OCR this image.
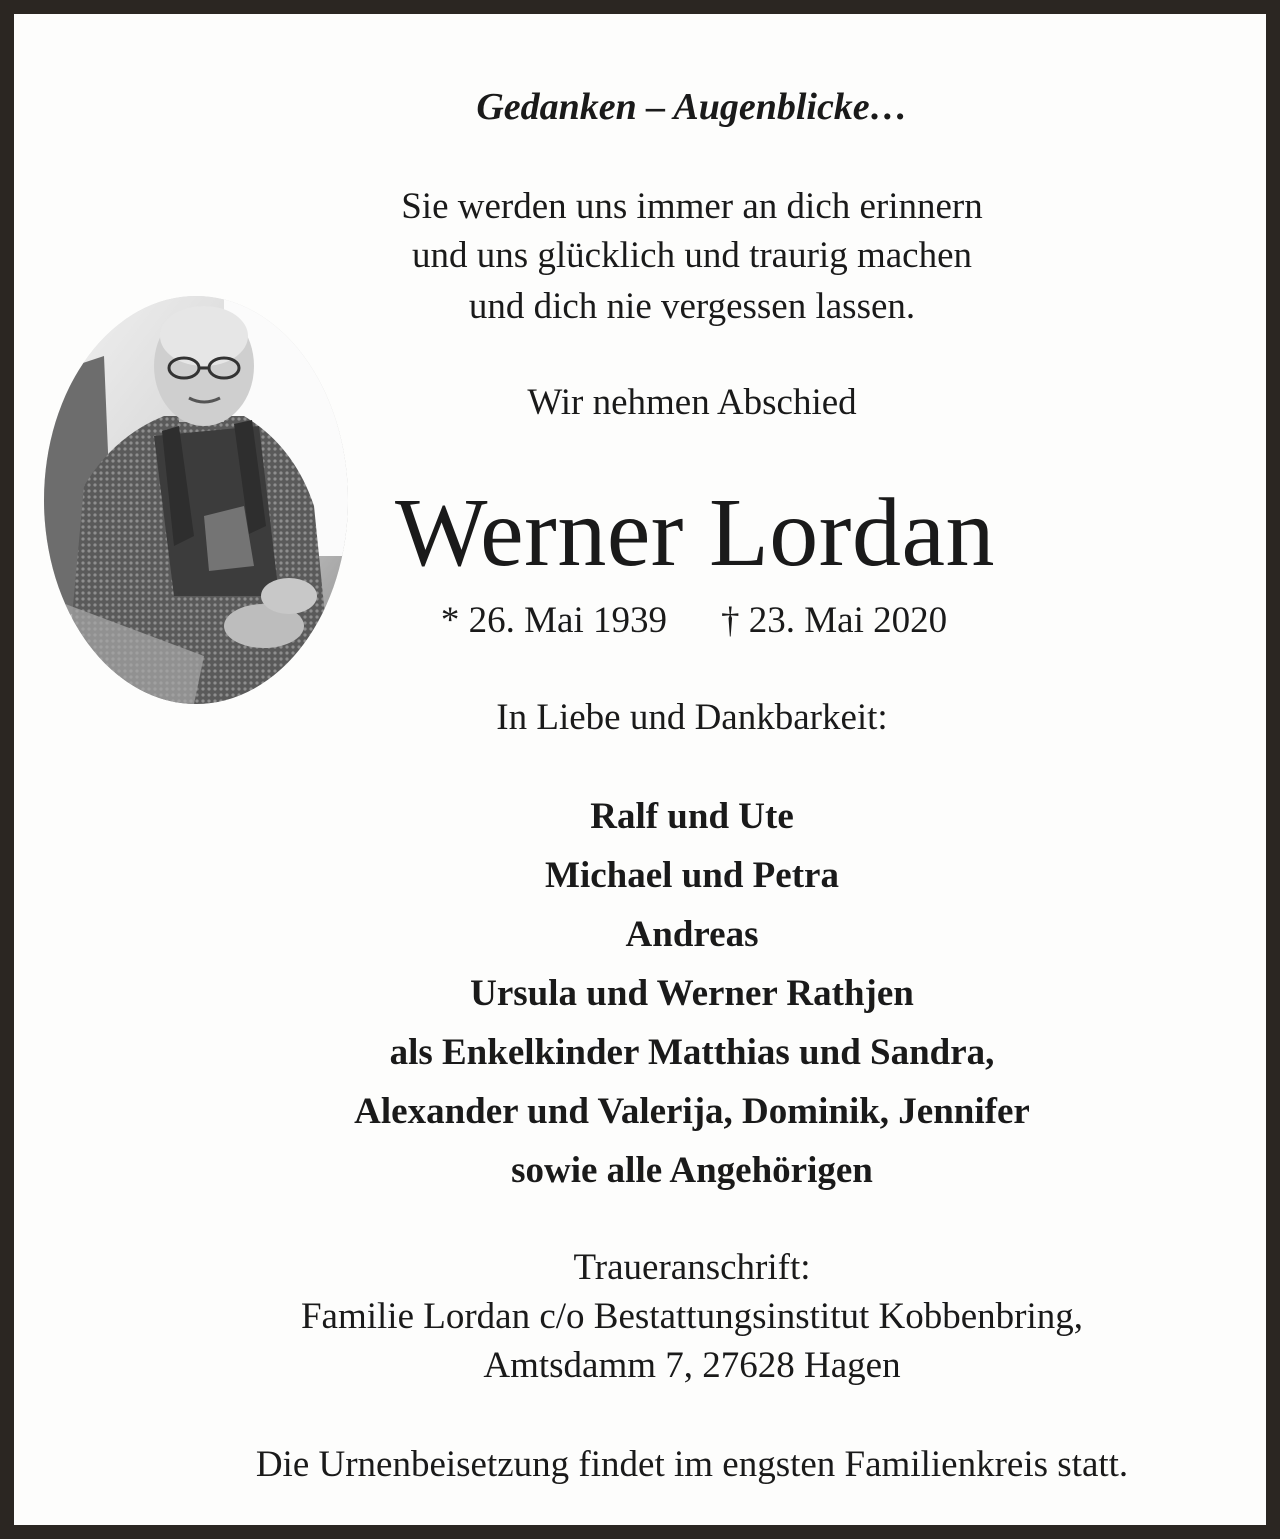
Gedanken – Augenblicke…
Sie werden uns immer an dich erinnern
und uns glücklich und traurig machen
und dich nie vergessen lassen.
Wir nehmen Abschied
Werner Lordan
* 26. Mai 1939 † 23. Mai 2020
In Liebe und Dankbarkeit:
Ralf und Ute
Michael und Petra
Andreas
Ursula und Werner Rathjen
als Enkelkinder Matthias und Sandra,
Alexander und Valerija, Dominik, Jennifer
sowie alle Angehörigen
Traueranschrift:
Familie Lordan c/o Bestattungsinstitut Kobbenbring,
Amtsdamm 7, 27628 Hagen
Die Urnenbeisetzung findet im engsten Familienkreis statt.
